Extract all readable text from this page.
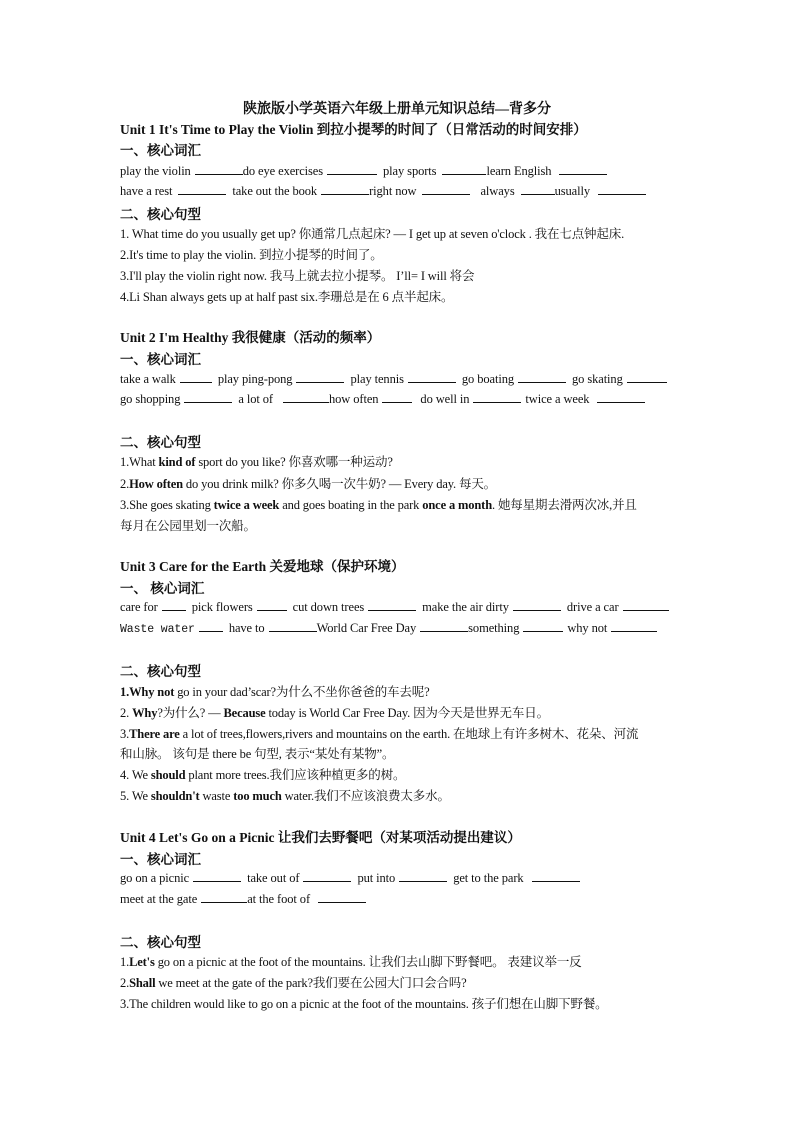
陕旅版小学英语六年级上册单元知识总结—背多分
Unit 1 It's Time to Play the Violin 到拉小提琴的时间了（日常活动的时间安排）
一、核心词汇
play the violin	do eye exercises	play sports	learn English
have a rest	take out the book	right now	always	usually
二、核心句型
1. What time do you usually get up? 你通常几点起床? — I get up at seven o'clock . 我在七点钟起床.
2.It's time to play the violin. 到拉小提琴的时间了。
3.I'll play the violin right now. 我马上就去拉小提琴。 I’ll= I will 将会
4.Li Shan always gets up at half past six.李珊总是在 6 点半起床。
Unit 2 I'm Healthy 我很健康（活动的频率）
一、核心词汇
take a walk	play ping-pong	play tennis	go boating	go skating
go shopping	a lot of	how often	do well in	twice a week
二、核心句型
1.What kind of sport do you like? 你喜欢哪一种运动?
2.How often do you drink milk? 你多久喝一次牛奶? — Every day. 每天。
3.She goes skating twice a week and goes boating in the park once a month. 她每星期去滑两次冰,并且
每月在公园里划一次船。
Unit 3 Care for the Earth 关爱地球（保护环境）
一、 核心词汇
care for	pick flowers	cut down trees	make the air dirty	drive a car
Waste water	have to	World Car Free Day	something	why not
二、核心句型
1.Why not go in your dad’scar?为什么不坐你爸爸的车去呢?
2. Why?为什么? — Because today is World Car Free Day. 因为今天是世界无车日。
3.There are a lot of trees,flowers,rivers and mountains on the earth. 在地球上有许多树木、花朵、河流
和山脉。 该句是 there be 句型, 表示“某处有某物”。
4. We should plant more trees.我们应该种植更多的树。
5. We shouldn't waste too much water.我们不应该浪费太多水。
Unit 4 Let's Go on a Picnic 让我们去野餐吧（对某项活动提出建议）
一、核心词汇
go on a picnic	take out of	put into	get to the park
meet at the gate	at the foot of
二、核心句型
1.Let's go on a picnic at the foot of the mountains. 让我们去山脚下野餐吧。 表建议举一反
2.Shall we meet at the gate of the park?我们要在公园大门口会合吗?
3.The children would like to go on a picnic at the foot of the mountains. 孩子们想在山脚下野餐。
